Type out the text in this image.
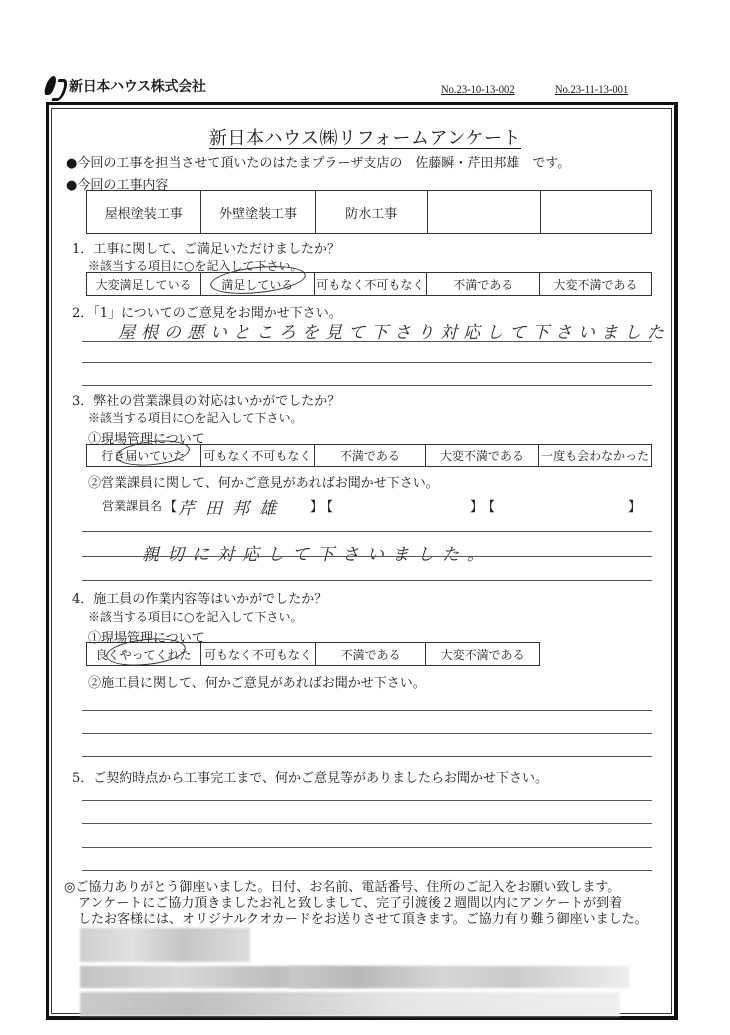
新日本ハウス株式会社	No.23-10-13-002	No.23-11-13-001
新日本ハウス㈱リフォームアンケート
●今回の工事を担当させて頂いたのはたまプラーザ支店の　佐藤瞬・芹田邦雄　です。
●今回の工事内容
屋根塗装工事	外壁塗装工事	防水工事		
1．工事に関して、ご満足いただけましたか？
※該当する項目に○を記入して下さい。
大変満足している	満足している	可もなく不可もなく	不満である	大変不満である
2．「1」についてのご意見をお聞かせ下さい。
屋根の悪いところを見て下さり対応して下さいました
3．弊社の営業課員の対応はいかがでしたか？
※該当する項目に○を記入して下さい。
①現場管理について
行き届いていた	可もなく不可もなく	不満である	大変不満である	一度も会わなかった
②営業課員に関して、何かご意見があればお聞かせ下さい。
営業課員名 【 芹田邦雄 】
【	】
【	】
親切に対応して下さいました。
4．施工員の作業内容等はいかがでしたか？
※該当する項目に○を記入して下さい。
①現場管理について
良くやってくれた	可もなく不可もなく	不満である	大変不満である
②施工員に関して、何かご意見があればお聞かせ下さい。
5．ご契約時点から工事完工まで、何かご意見等がありましたらお聞かせ下さい。
◎ご協力ありがとう御座いました。日付、お名前、電話番号、住所のご記入をお願い致します。
アンケートにご協力頂きましたお礼と致しまして、完了引渡後２週間以内にアンケートが到着
したお客様には、オリジナルクオカードをお送りさせて頂きます。ご協力有り難う御座いました。
